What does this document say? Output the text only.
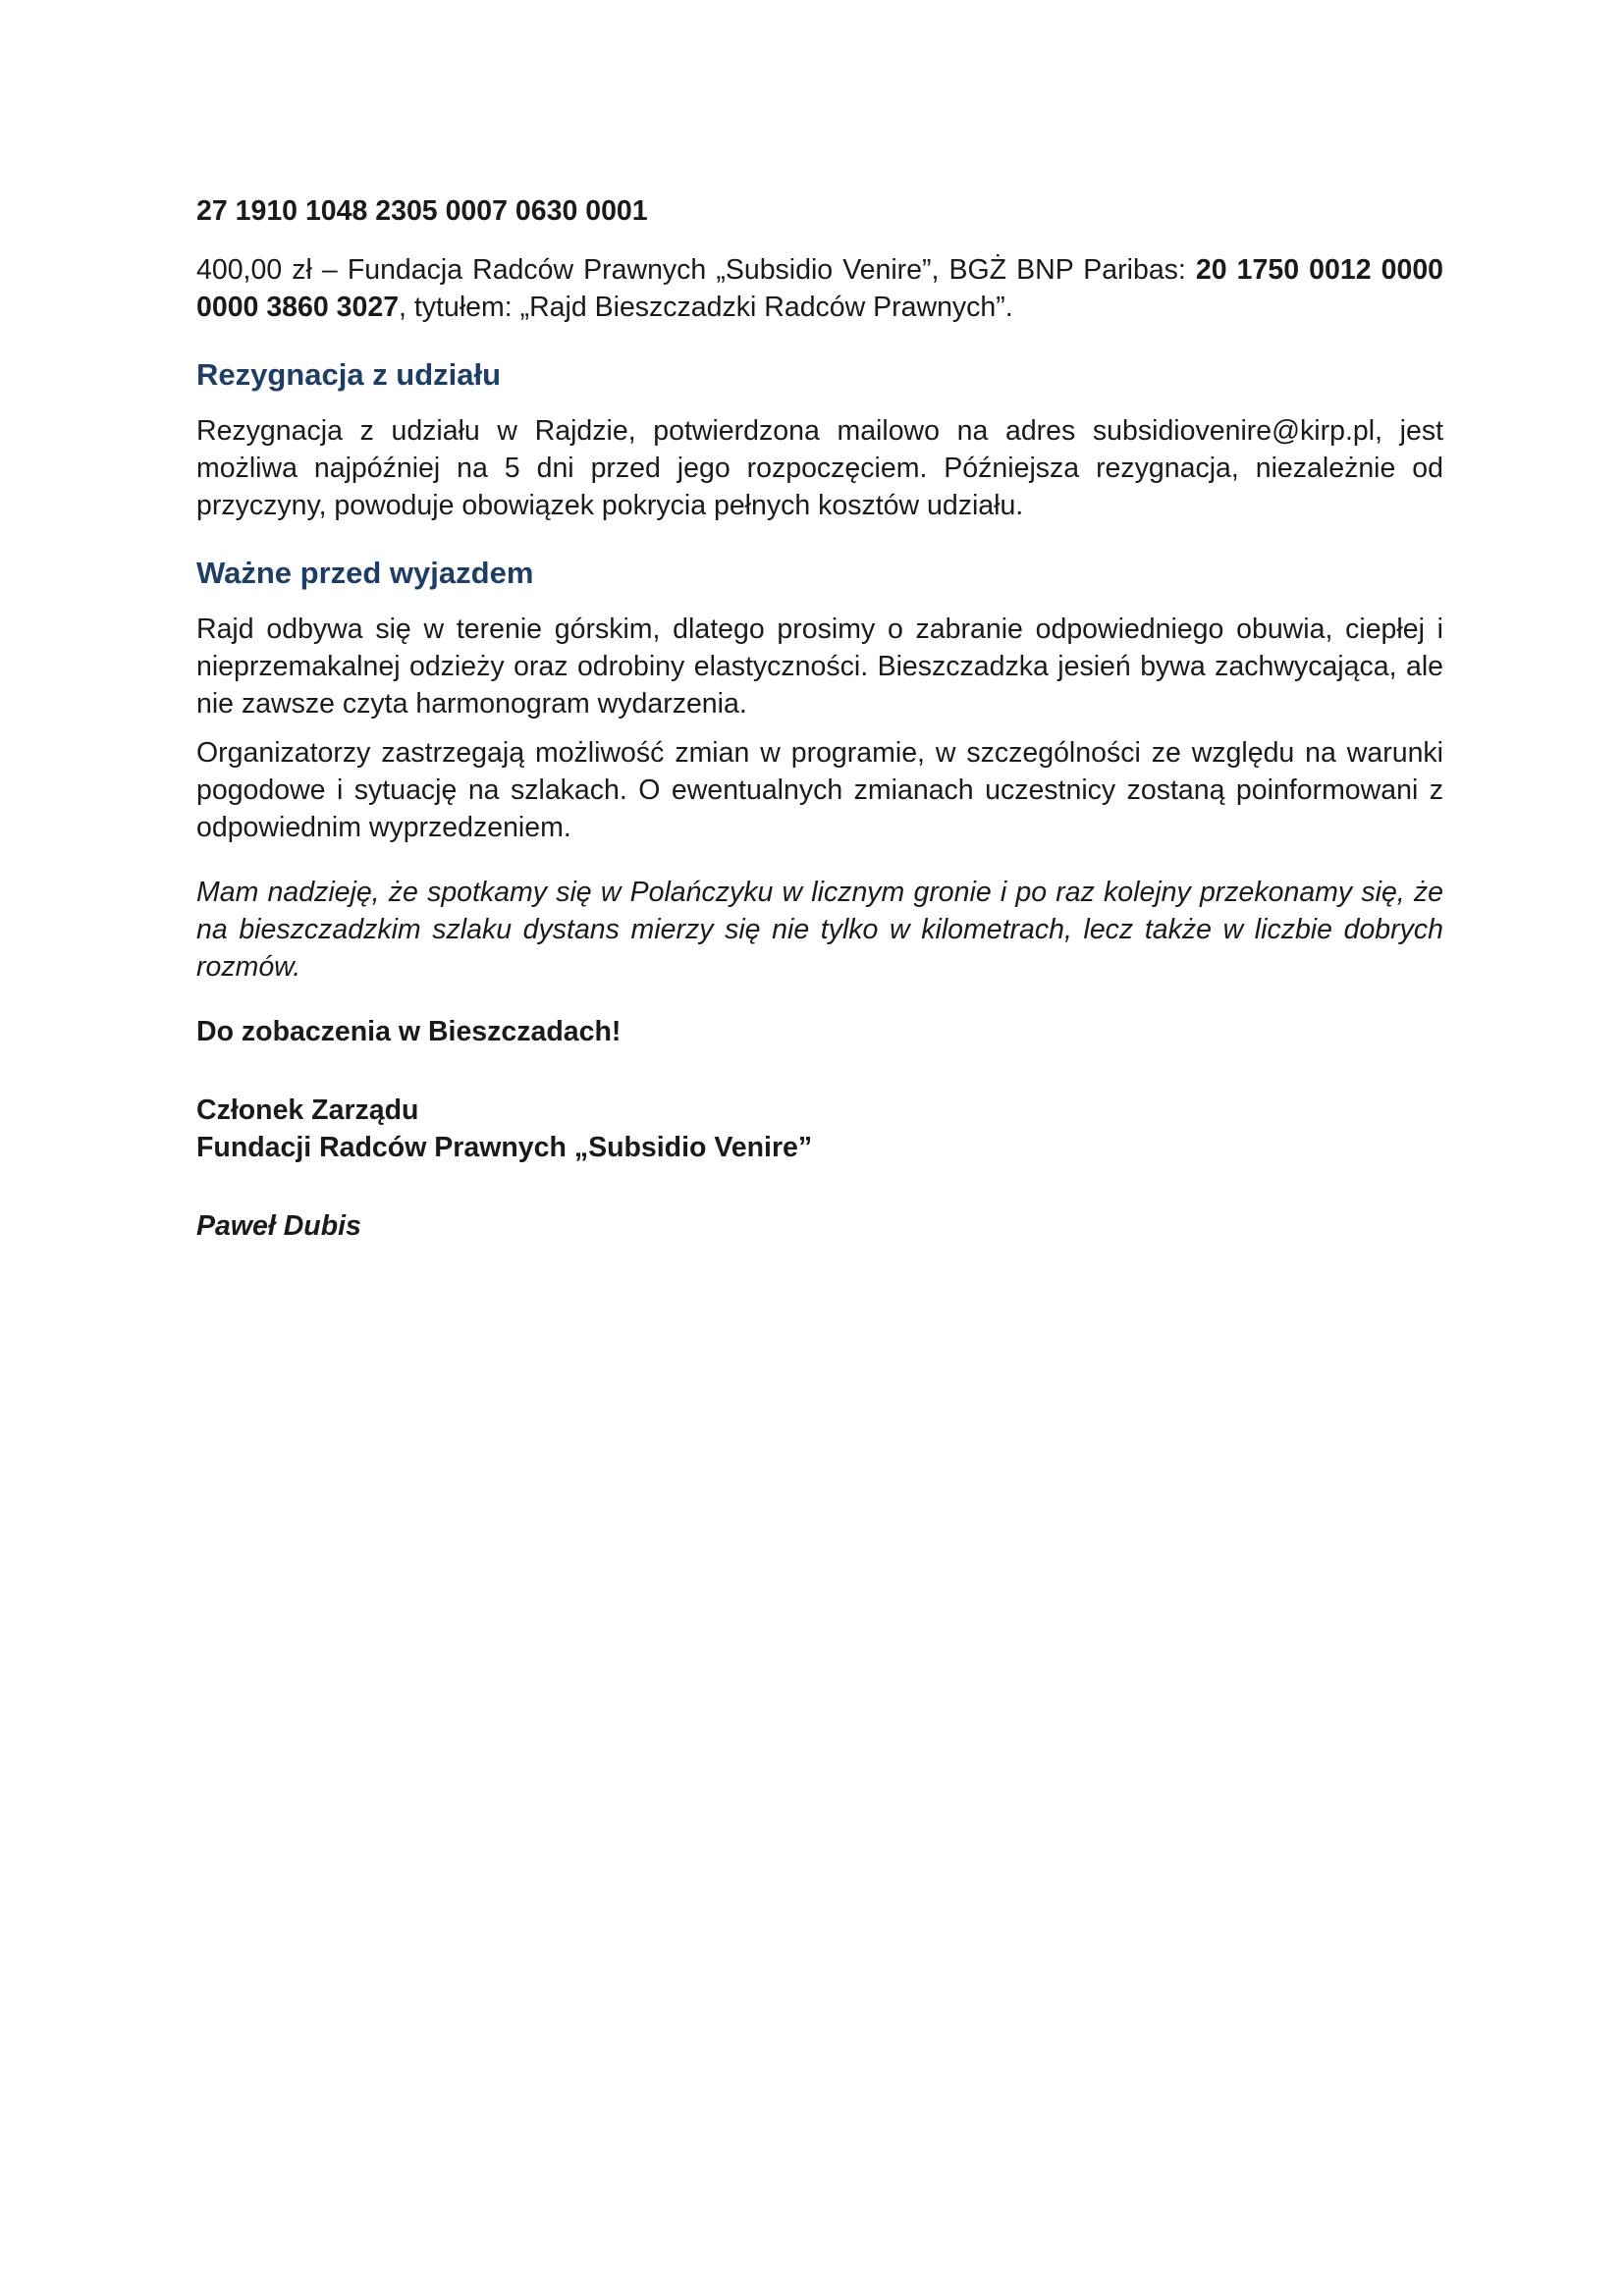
27 1910 1048 2305 0007 0630 0001

400,00 zł – Fundacja Radców Prawnych „Subsidio Venire”, BGŻ BNP Paribas: 20 1750 0012 0000 0000 3860 3027, tytułem: „Rajd Bieszczadzki Radców Prawnych”.

Rezygnacja z udziału

Rezygnacja z udziału w Rajdzie, potwierdzona mailowo na adres subsidiovenire@kirp.pl, jest możliwa najpóźniej na 5 dni przed jego rozpoczęciem. Późniejsza rezygnacja, niezależnie od przyczyny, powoduje obowiązek pokrycia pełnych kosztów udziału.

Ważne przed wyjazdem

Rajd odbywa się w terenie górskim, dlatego prosimy o zabranie odpowiedniego obuwia, ciepłej i nieprzemakalnej odzieży oraz odrobiny elastyczności. Bieszczadzka jesień bywa zachwycająca, ale nie zawsze czyta harmonogram wydarzenia.

Organizatorzy zastrzegają możliwość zmian w programie, w szczególności ze względu na warunki pogodowe i sytuację na szlakach. O ewentualnych zmianach uczestnicy zostaną poinformowani z odpowiednim wyprzedzeniem.

Mam nadzieję, że spotkamy się w Polańczyku w licznym gronie i po raz kolejny przekonamy się, że na bieszczadzkim szlaku dystans mierzy się nie tylko w kilometrach, lecz także w liczbie dobrych rozmów.

Do zobaczenia w Bieszczadach!

Członek Zarządu
Fundacji Radców Prawnych „Subsidio Venire”

Paweł Dubis
